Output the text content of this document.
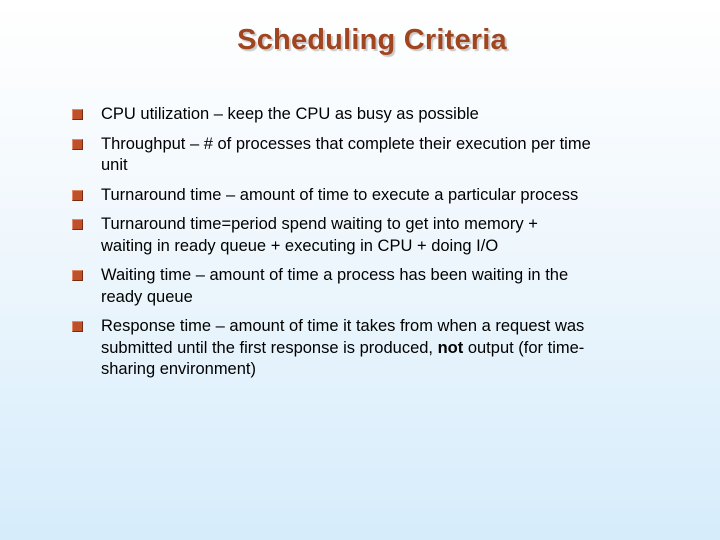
Scheduling Criteria
CPU utilization – keep the CPU as busy as possible
Throughput – # of processes that complete their execution per time unit
Turnaround time – amount of time to execute a particular process
Turnaround time=period spend waiting to get into memory + waiting in ready queue + executing in CPU + doing I/O
Waiting time – amount of time a process has been waiting in the ready queue
Response time – amount of time it takes from when a request was submitted until the first response is produced, not output (for time-sharing environment)
